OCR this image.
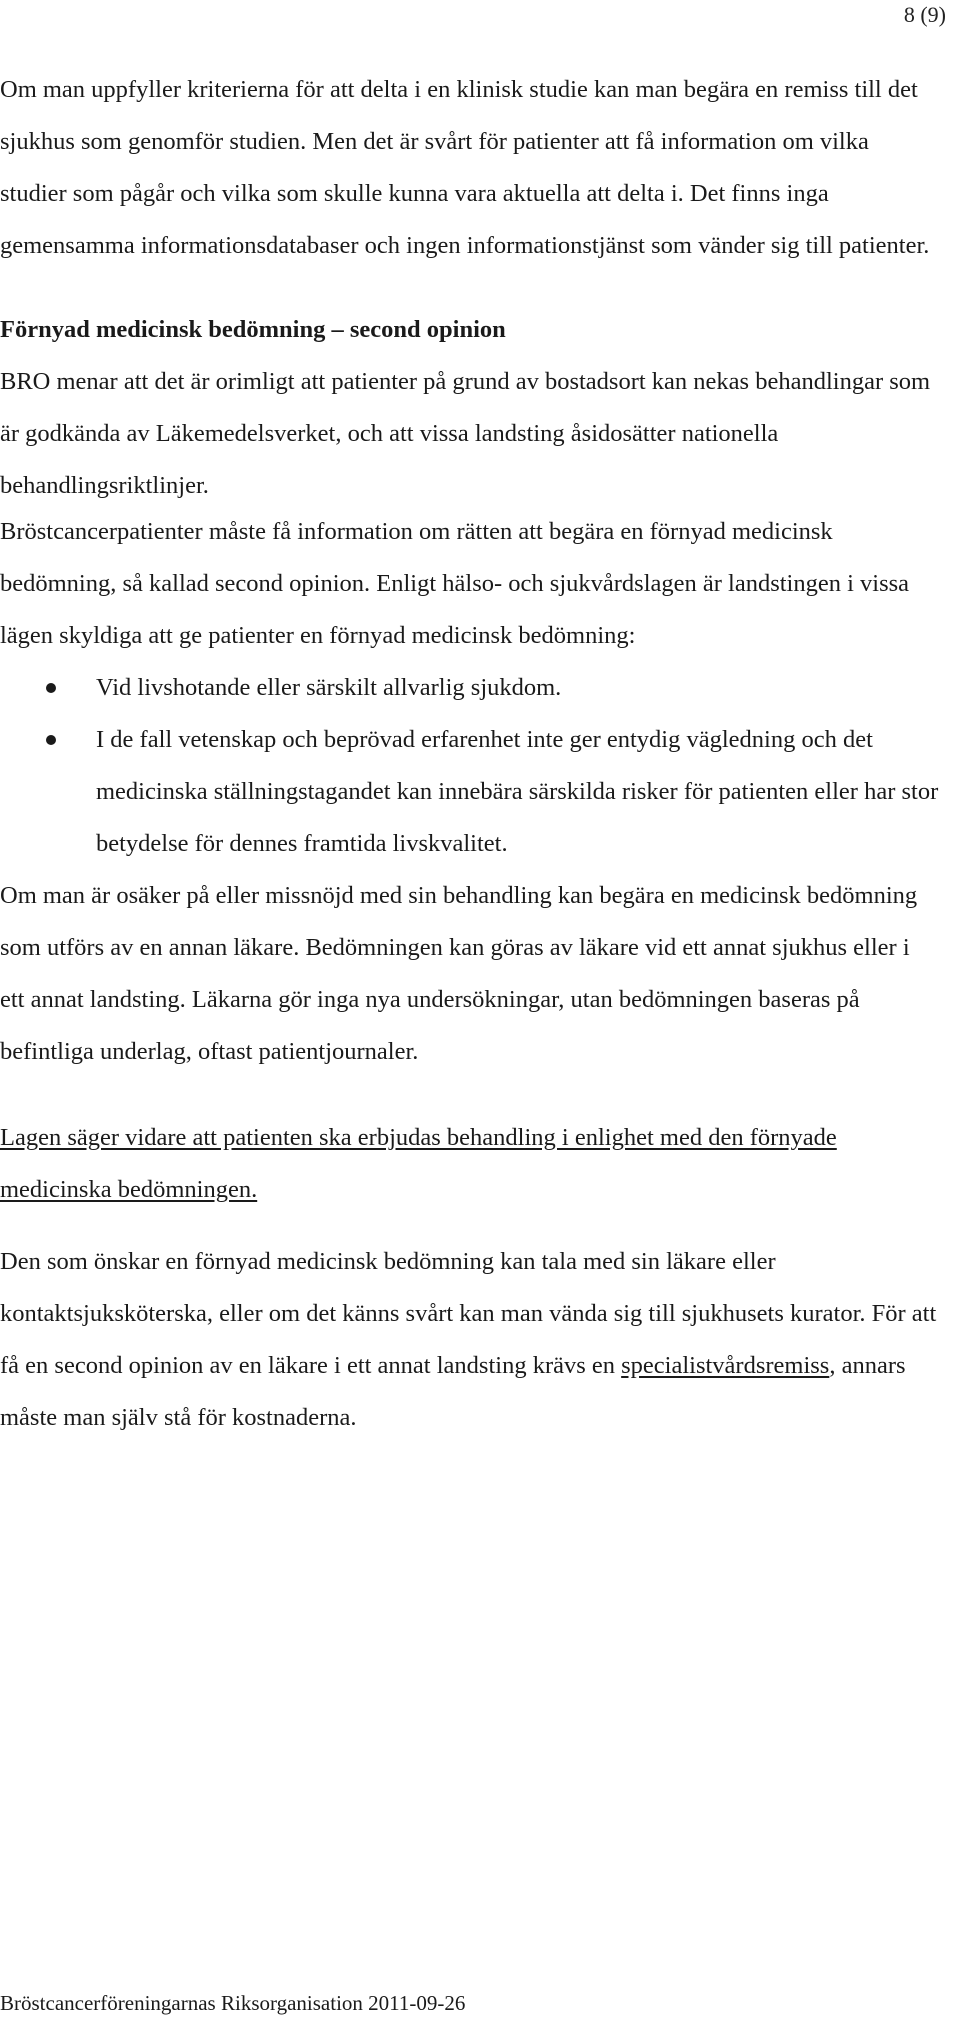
8 (9)

Om man uppfyller kriterierna för att delta i en klinisk studie kan man begära en remiss till det sjukhus som genomför studien. Men det är svårt för patienter att få information om vilka studier som pågår och vilka som skulle kunna vara aktuella att delta i. Det finns inga gemensamma informationsdatabaser och ingen informationstjänst som vänder sig till patienter.

Förnyad medicinsk bedömning – second opinion

BRO menar att det är orimligt att patienter på grund av bostadsort kan nekas behandlingar som är godkända av Läkemedelsverket, och att vissa landsting åsidosätter nationella behandlingsriktlinjer.

Bröstcancerpatienter måste få information om rätten att begära en förnyad medicinsk bedömning, så kallad second opinion. Enligt hälso- och sjukvårdslagen är landstingen i vissa lägen skyldiga att ge patienter en förnyad medicinsk bedömning:

Vid livshotande eller särskilt allvarlig sjukdom.
I de fall vetenskap och beprövad erfarenhet inte ger entydig vägledning och det medicinska ställningstagandet kan innebära särskilda risker för patienten eller har stor betydelse för dennes framtida livskvalitet.

Om man är osäker på eller missnöjd med sin behandling kan begära en medicinsk bedömning som utförs av en annan läkare. Bedömningen kan göras av läkare vid ett annat sjukhus eller i ett annat landsting. Läkarna gör inga nya undersökningar, utan bedömningen baseras på befintliga underlag, oftast patientjournaler.

Lagen säger vidare att patienten ska erbjudas behandling i enlighet med den förnyade medicinska bedömningen.

Den som önskar en förnyad medicinsk bedömning kan tala med sin läkare eller kontaktsjuksköterska, eller om det känns svårt kan man vända sig till sjukhusets kurator. För att få en second opinion av en läkare i ett annat landsting krävs en specialistvårdsremiss, annars måste man själv stå för kostnaderna.

Bröstcancerföreningarnas Riksorganisation 2011-09-26
